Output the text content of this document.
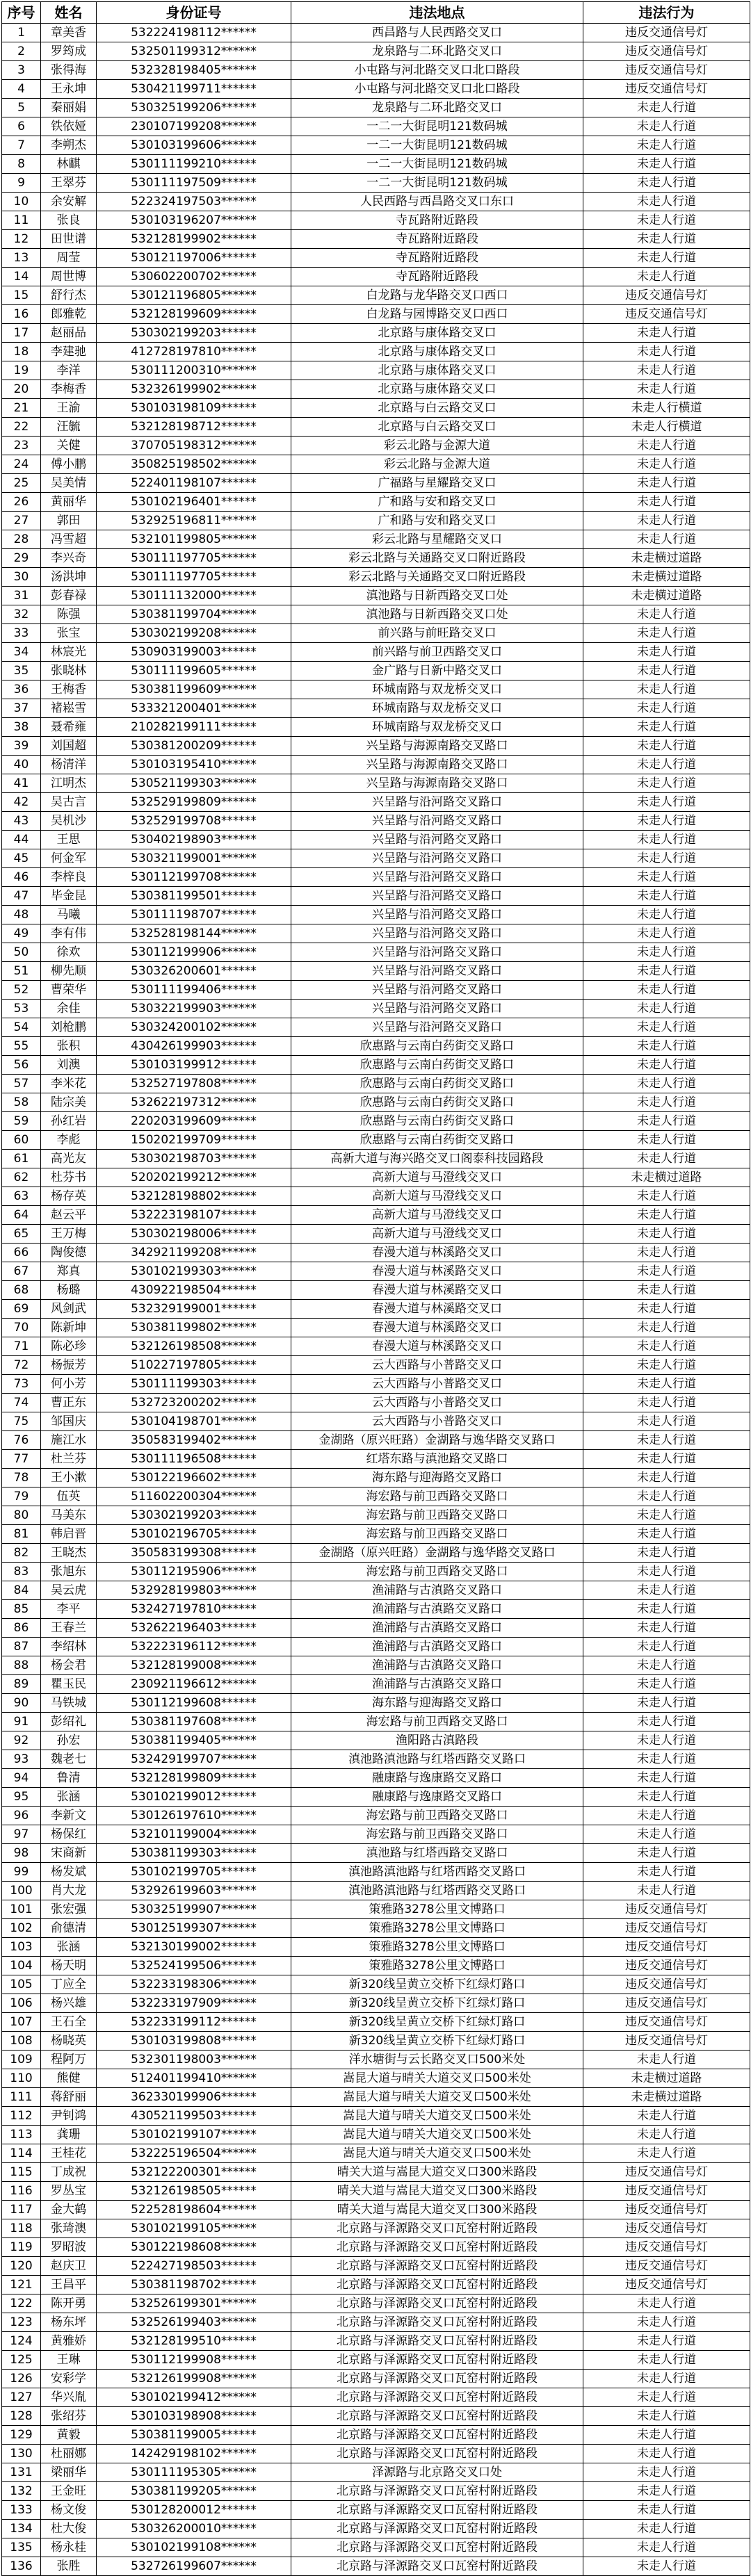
序号	姓名	身份证号	违法地点	违法行为
1	章美香	532224198112******	西昌路与人民西路交叉口	违反交通信号灯
2	罗筠成	532501199312******	龙泉路与二环北路交叉口	违反交通信号灯
3	张得海	532328198405******	小屯路与河北路交叉口北口路段	违反交通信号灯
4	王永坤	530421199711******	小屯路与河北路交叉口北口路段	违反交通信号灯
5	秦丽娟	530325199206******	龙泉路与二环北路交叉口	未走人行道
6	铁依娅	230107199208******	一二一大街昆明121数码城	未走人行道
7	李朔杰	530103199606******	一二一大街昆明121数码城	未走人行道
8	林麒	530111199210******	一二一大街昆明121数码城	未走人行道
9	王翠芬	530111197509******	一二一大街昆明121数码城	未走人行道
10	余安解	522324197503******	人民西路与西昌路交叉口东口	未走人行道
11	张良	530103196207******	寺瓦路附近路段	未走人行道
12	田世谱	532128199902******	寺瓦路附近路段	未走人行道
13	周莹	530121197006******	寺瓦路附近路段	未走人行道
14	周世博	530602200702******	寺瓦路附近路段	未走人行道
15	舒行杰	530121196805******	白龙路与龙华路交叉口西口	违反交通信号灯
16	郎雅乾	532128199609******	白龙路与园博路交叉口西口	违反交通信号灯
17	赵丽品	530302199203******	北京路与康体路交叉口	未走人行道
18	李建驰	412728197810******	北京路与康体路交叉口	未走人行道
19	李洋	530111200310******	北京路与康体路交叉口	未走人行道
20	李梅香	532326199902******	北京路与康体路交叉口	未走人行道
21	王渝	530103198109******	北京路与白云路交叉口	未走人行横道
22	汪毓	532128198712******	北京路与白云路交叉口	未走人行横道
23	关健	370705198312******	彩云北路与金源大道	未走人行道
24	傅小鹏	350825198502******	彩云北路与金源大道	未走人行道
25	吴美情	522401198107******	广福路与星耀路交叉口	未走人行道
26	黄丽华	530102196401******	广和路与安和路交叉口	未走人行道
27	郭田	532925196811******	广和路与安和路交叉口	未走人行道
28	冯雪超	532101199805******	彩云北路与星耀路交叉口	未走人行道
29	李兴奇	530111197705******	彩云北路与关通路交叉口附近路段	未走横过道路
30	汤洪坤	530111197705******	彩云北路与关通路交叉口附近路段	未走横过道路
31	彭春禄	530111132000******	滇池路与日新西路交叉口处	未走横过道路
32	陈强	530381199704******	滇池路与日新西路交叉口处	未走人行道
33	张宝	530302199208******	前兴路与前旺路交叉口	未走人行道
34	林宸光	530903199003******	前兴路与前卫西路交叉口	未走人行道
35	张晓林	530111199605******	金广路与日新中路交叉口	未走人行道
36	王梅香	530381199609******	环城南路与双龙桥交叉口	未走人行道
37	褚崧雪	533321200401******	环城南路与双龙桥交叉口	未走人行道
38	聂希雍	210282199111******	环城南路与双龙桥交叉口	未走人行道
39	刘国超	530381200209******	兴呈路与海源南路交叉路口	未走人行道
40	杨清洋	530103195410******	兴呈路与海源南路交叉路口	未走人行道
41	江明杰	530521199303******	兴呈路与海源南路交叉路口	未走人行道
42	吴古言	532529199809******	兴呈路与沿河路交叉路口	未走人行道
43	吴机沙	532529199708******	兴呈路与沿河路交叉路口	未走人行道
44	王思	530402198903******	兴呈路与沿河路交叉路口	未走人行道
45	何金军	530321199001******	兴呈路与沿河路交叉路口	未走人行道
46	李梓良	530112199708******	兴呈路与沿河路交叉路口	未走人行道
47	毕金昆	530381199501******	兴呈路与沿河路交叉路口	未走人行道
48	马曦	530111198707******	兴呈路与沿河路交叉路口	未走人行道
49	李有伟	532528198144******	兴呈路与沿河路交叉路口	未走人行道
50	徐欢	530112199906******	兴呈路与沿河路交叉路口	未走人行道
51	柳先顺	530326200601******	兴呈路与沿河路交叉路口	未走人行道
52	曹荣华	530111199406******	兴呈路与沿河路交叉路口	未走人行道
53	余佳	530322199903******	兴呈路与沿河路交叉路口	未走人行道
54	刘枪鹏	530324200102******	兴呈路与沿河路交叉路口	未走人行道
55	张积	430426199903******	欣惠路与云南白药街交叉路口	未走人行道
56	刘澳	530103199912******	欣惠路与云南白药街交叉路口	未走人行道
57	李米花	532527197808******	欣惠路与云南白药街交叉路口	未走人行道
58	陆宗美	532622197312******	欣惠路与云南白药街交叉路口	未走人行道
59	孙红岩	220203199609******	欣惠路与云南白药街交叉路口	未走人行道
60	李彪	150202199709******	欣惠路与云南白药街交叉路口	未走人行道
61	高光友	530302198703******	高新大道与海兴路交叉口阁泰科技园路段	未走人行道
62	杜芬书	520202199212******	高新大道与马澄线交叉口	未走横过道路
63	杨存英	532128198802******	高新大道与马澄线交叉口	未走人行道
64	赵云平	532223198107******	高新大道与马澄线交叉口	未走人行道
65	王万梅	530302198006******	高新大道与马澄线交叉口	未走人行道
66	陶俊德	342921199208******	春漫大道与林溪路交叉口	未走人行道
67	郑真	530102199303******	春漫大道与林溪路交叉口	未走人行道
68	杨璐	430922198504******	春漫大道与林溪路交叉口	未走人行道
69	风剑武	532329199001******	春漫大道与林溪路交叉口	未走人行道
70	陈新坤	530381199802******	春漫大道与林溪路交叉口	未走人行道
71	陈必珍	532126198508******	春漫大道与林溪路交叉口	未走人行道
72	杨振芳	510227197805******	云大西路与小普路交叉口	未走人行道
73	何小芳	530111199303******	云大西路与小普路交叉口	未走人行道
74	曹正东	532723200202******	云大西路与小普路交叉口	未走人行道
75	邹国庆	530104198701******	云大西路与小普路交叉口	未走人行道
76	施江水	350583199402******	金湖路（原兴旺路）金湖路与逸华路交叉路口	未走人行道
77	杜兰芬	530111196508******	红塔东路与滇池路交叉路口	未走人行道
78	王小漱	530122196602******	海东路与迎海路交叉路口	未走人行道
79	伍英	511602200304******	海宏路与前卫西路交叉路口	未走人行道
80	马美东	530302199203******	海宏路与前卫西路交叉路口	未走人行道
81	韩启晋	530102196705******	海宏路与前卫西路交叉路口	未走人行道
82	王晓杰	350583199308******	金湖路（原兴旺路）金湖路与逸华路交叉路口	未走人行道
83	张旭东	530112195906******	海宏路与前卫西路交叉路口	未走人行道
84	吴云虎	532928199803******	渔浦路与古滇路交叉路口	未走人行道
85	李平	532427197810******	渔浦路与古滇路交叉路口	未走人行道
86	王春兰	532622196403******	渔浦路与古滇路交叉路口	未走人行道
87	李绍林	532223196112******	渔浦路与古滇路交叉路口	未走人行道
88	杨会君	532128199008******	渔浦路与古滇路交叉路口	未走人行道
89	瞿玉民	230921196612******	渔浦路与古滇路交叉路口	未走人行道
90	马铁城	530112199608******	海东路与迎海路交叉路口	未走人行道
91	彭绍礼	530381197608******	海宏路与前卫西路交叉路口	未走人行道
92	孙宏	530381199405******	渔阳路古滇路段	未走人行道
93	魏老七	532429199707******	滇池路滇池路与红塔西路交叉路口	未走人行道
94	鲁清	532128199809******	融康路与逸康路交叉路口	未走人行道
95	张涵	530102199012******	融康路与逸康路交叉路口	未走人行道
96	李新文	530126197610******	海宏路与前卫西路交叉路口	未走人行道
97	杨保红	532101199004******	海宏路与前卫西路交叉路口	未走人行道
98	宋商新	530381199303******	滇池路与红塔西路交叉路口	未走人行道
99	杨发斌	530102199705******	滇池路滇池路与红塔西路交叉路口	未走人行道
100	肖大龙	532926199603******	滇池路滇池路与红塔西路交叉路口	未走人行道
101	张宏强	530325199907******	策雅路3278公里文博路口	违反交通信号灯
102	俞德清	530125199307******	策雅路3278公里文博路口	违反交通信号灯
103	张涵	532130199002******	策雅路3278公里文博路口	违反交通信号灯
104	杨天明	532524199506******	策雅路3278公里文博路口	违反交通信号灯
105	丁应全	532233198306******	新320线呈黄立交桥下红绿灯路口	违反交通信号灯
106	杨兴雄	532233197909******	新320线呈黄立交桥下红绿灯路口	违反交通信号灯
107	王石全	532233199112******	新320线呈黄立交桥下红绿灯路口	违反交通信号灯
108	杨晓英	530103199808******	新320线呈黄立交桥下红绿灯路口	违反交通信号灯
109	程阿万	532301198003******	洋水塘街与云长路交叉口500米处	未走人行道
110	熊健	512401199410******	嵩昆大道与晴关大道交叉口500米处	未走横过道路
111	蒋舒丽	362330199906******	嵩昆大道与晴关大道交叉口500米处	未走横过道路
112	尹钊鸿	430521199503******	嵩昆大道与晴关大道交叉口500米处	未走人行道
113	龚珊	530102199107******	嵩昆大道与晴关大道交叉口500米处	未走人行道
114	王桂花	532225196504******	嵩昆大道与晴关大道交叉口500米处	未走人行道
115	丁成祝	532122200301******	晴关大道与嵩昆大道交叉口300米路段	违反交通信号灯
116	罗丛宝	532126198505******	晴关大道与嵩昆大道交叉口300米路段	违反交通信号灯
117	金大鹤	522528198604******	晴关大道与嵩昆大道交叉口300米路段	违反交通信号灯
118	张琦澳	530102199105******	北京路与泽源路交叉口瓦窑村附近路段	违反交通信号灯
119	罗昭波	530122198608******	北京路与泽源路交叉口瓦窑村附近路段	违反交通信号灯
120	赵庆卫	522427198503******	北京路与泽源路交叉口瓦窑村附近路段	违反交通信号灯
121	王昌平	530381198702******	北京路与泽源路交叉口瓦窑村附近路段	违反交通信号灯
122	陈开勇	532526199301******	北京路与泽源路交叉口瓦窑村附近路段	未走人行道
123	杨东坪	532526199403******	北京路与泽源路交叉口瓦窑村附近路段	未走人行道
124	黄雅娇	532128199510******	北京路与泽源路交叉口瓦窑村附近路段	未走人行道
125	王琳	530112199908******	北京路与泽源路交叉口瓦窑村附近路段	未走人行道
126	安彩学	532126199908******	北京路与泽源路交叉口瓦窑村附近路段	未走人行道
127	华兴胤	530102199412******	北京路与泽源路交叉口瓦窑村附近路段	未走人行道
128	张绍芬	530103198908******	北京路与泽源路交叉口瓦窑村附近路段	未走人行道
129	黄毅	530381199005******	北京路与泽源路交叉口瓦窑村附近路段	未走人行道
130	杜丽娜	142429198102******	北京路与泽源路交叉口瓦窑村附近路段	未走人行道
131	梁丽华	530111195305******	泽源路与北京路交叉口处	未走人行道
132	王金旺	530381199205******	北京路与泽源路交叉口瓦窑村附近路段	未走人行道
133	杨文俊	530128200012******	北京路与泽源路交叉口瓦窑村附近路段	未走人行道
134	杜大俊	530326200010******	北京路与泽源路交叉口瓦窑村附近路段	未走人行道
135	杨永桂	530102199108******	北京路与泽源路交叉口瓦窑村附近路段	未走人行道
136	张胜	532726199607******	北京路与泽源路交叉口瓦窑村附近路段	未走人行道
